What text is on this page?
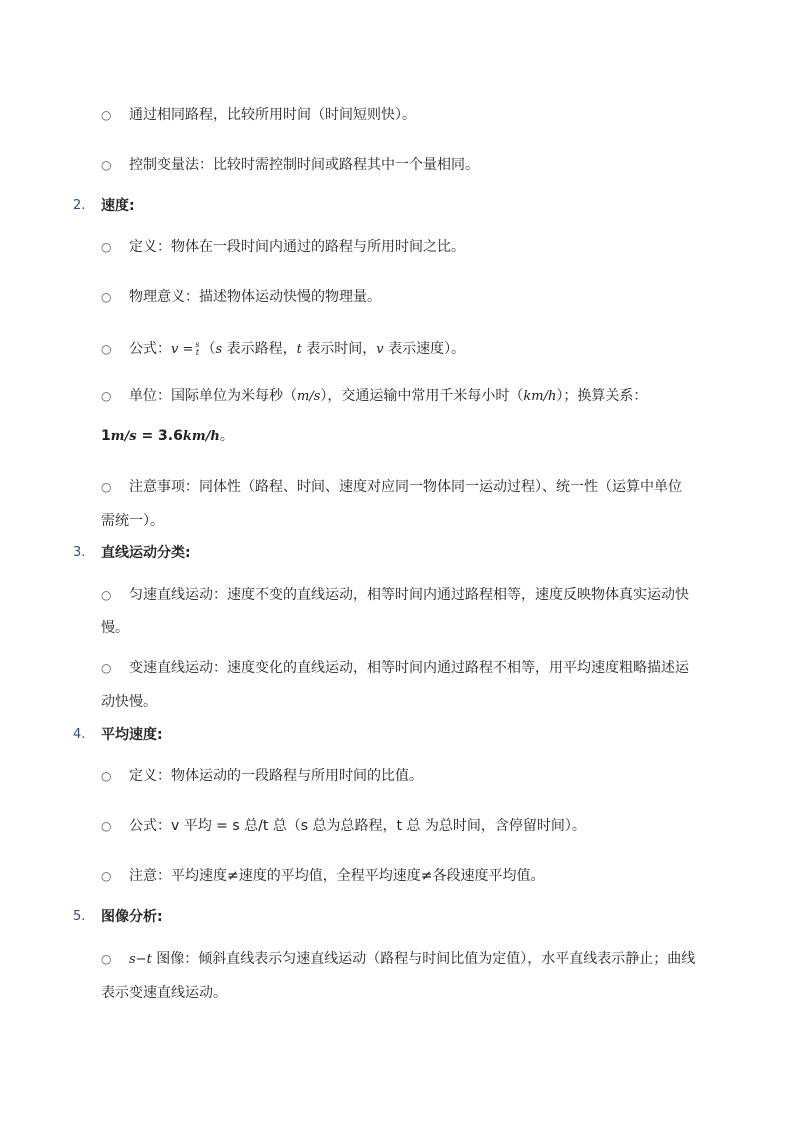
○ 通过相同路程，比较所用时间（时间短则快）。
○ 控制变量法：比较时需控制时间或路程其中一个量相同。
2. 速度:
○ 定义：物体在一段时间内通过的路程与所用时间之比。
○ 物理意义：描述物体运动快慢的物理量。
○ 公式：v = s
t （s 表示路程，t 表示时间，v 表示速度）。
○ 单位：国际单位为米每秒（m/s），交通运输中常用千米每小时（km/h）；换算关系：
1m/s = 3.6km/h。
○ 注意事项：同体性（路程、时间、速度对应同一物体同一运动过程）、统一性（运算中单位
需统一）。
3. 直线运动分类:
○ 匀速直线运动：速度不变的直线运动，相等时间内通过路程相等，速度反映物体真实运动快
慢。
○ 变速直线运动：速度变化的直线运动，相等时间内通过路程不相等，用平均速度粗略描述运
动快慢。
4. 平均速度:
○ 定义：物体运动的一段路程与所用时间的比值。
○ 公式：v 平均 = s 总/t 总（s 总为总路程，t 总 为总时间，含停留时间）。
○ 注意：平均速度≠速度的平均值，全程平均速度≠各段速度平均值。
5. 图像分析:
○ s−t 图像：倾斜直线表示匀速直线运动（路程与时间比值为定值），水平直线表示静止；曲线
表示变速直线运动。
